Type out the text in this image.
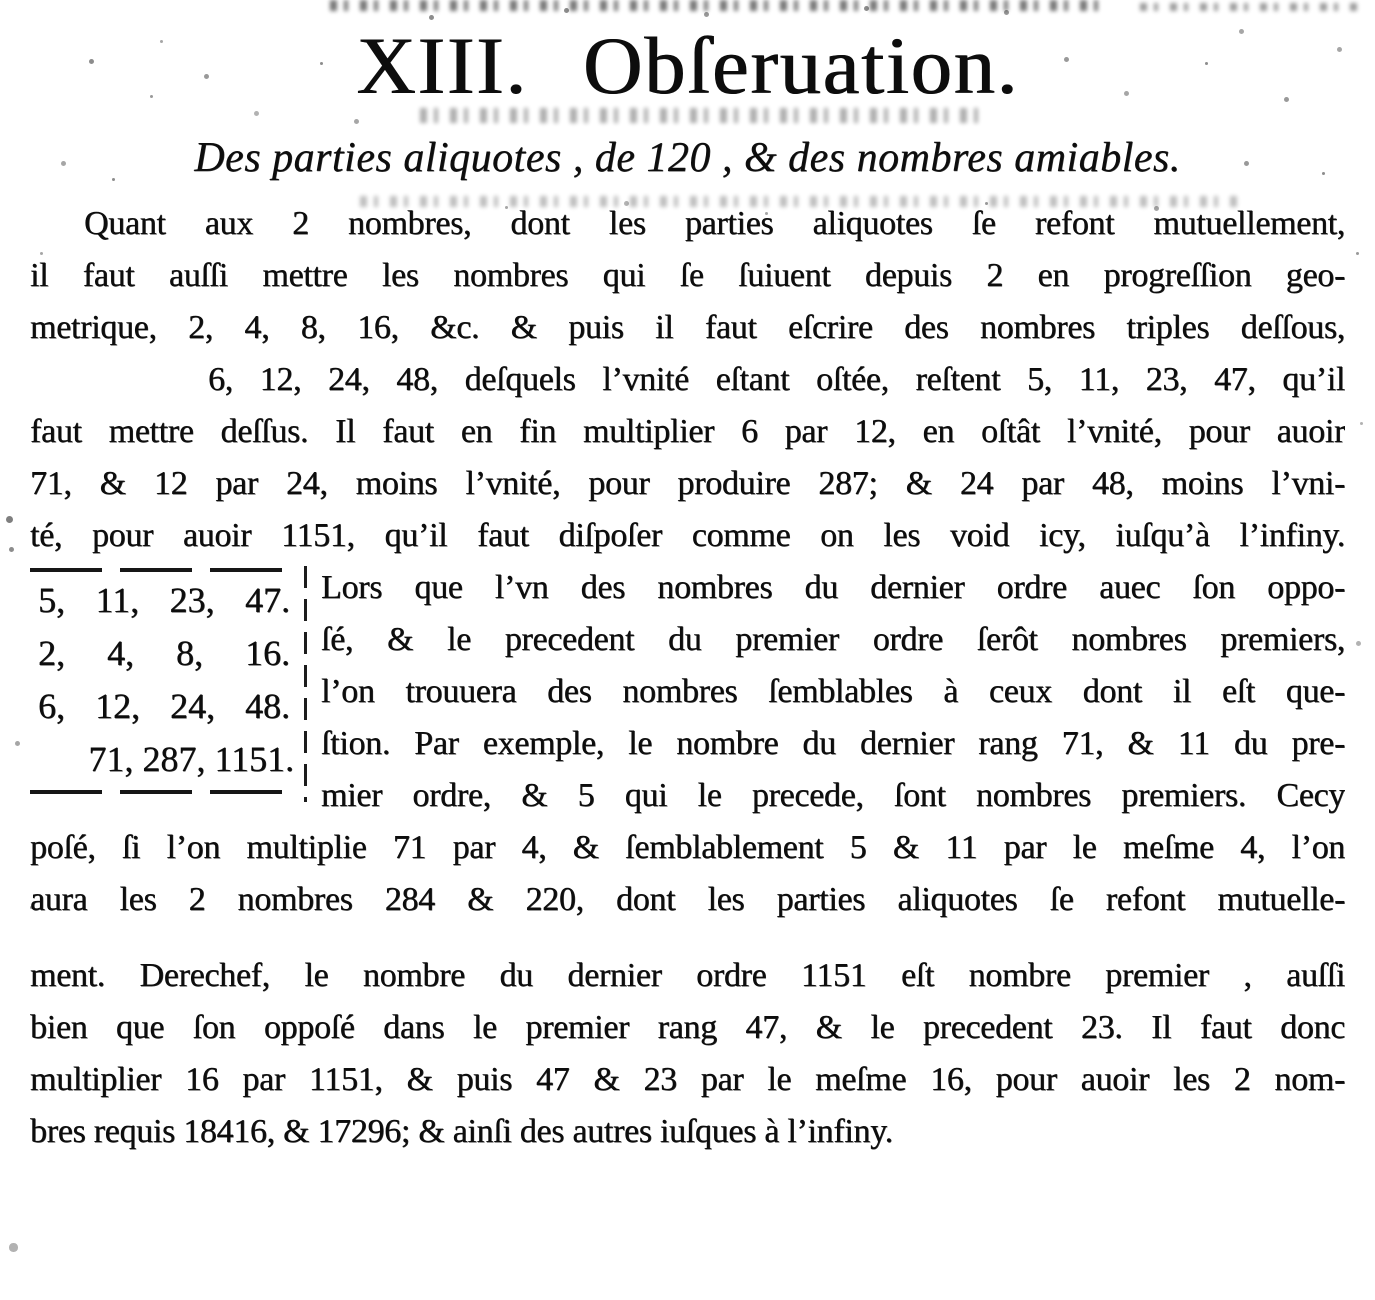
XIII. Obſeruation.
Des parties aliquotes , de 120 , & des nombres amiables.
Quant aux 2 nombres, dont les parties aliquotes ſe refont mutuellement,
il faut auſſi mettre les nombres qui ſe ſuiuent depuis 2 en progreſſion geo-
metrique, 2, 4, 8, 16, &c. & puis il faut eſcrire des nombres triples deſſous,
6, 12, 24, 48, deſquels l’vnité eſtant oſtée, reſtent 5, 11, 23, 47, qu’il
faut mettre deſſus. Il faut en fin multiplier 6 par 12, en oſtât l’vnité, pour auoir
71, & 12 par 24, moins l’vnité, pour produire 287; & 24 par 48, moins l’vni-
té, pour auoir 1151, qu’il faut diſpoſer comme on les void icy, iuſqu’à l’infiny.
5, 11, 23, 47.
2, 4, 8, 16.
6, 12, 24, 48.
71, 287, 1151.
Lors que l’vn des nombres du dernier ordre auec ſon oppo-
ſé, & le precedent du premier ordre ſerôt nombres premiers,
l’on trouuera des nombres ſemblables à ceux dont il eſt que-
ſtion. Par exemple, le nombre du dernier rang 71, & 11 du pre-
mier ordre, & 5 qui le precede, ſont nombres premiers. Cecy
poſé, ſi l’on multiplie 71 par 4, & ſemblablement 5 & 11 par le meſme 4, l’on
aura les 2 nombres 284 & 220, dont les parties aliquotes ſe refont mutuelle-
ment. Derechef, le nombre du dernier ordre 1151 eſt nombre premier , auſſi
bien que ſon oppoſé dans le premier rang 47, & le precedent 23. Il faut donc
multiplier 16 par 1151, & puis 47 & 23 par le meſme 16, pour auoir les 2 nom-
bres requis 18416, & 17296; & ainſi des autres iuſques à l’infiny.
